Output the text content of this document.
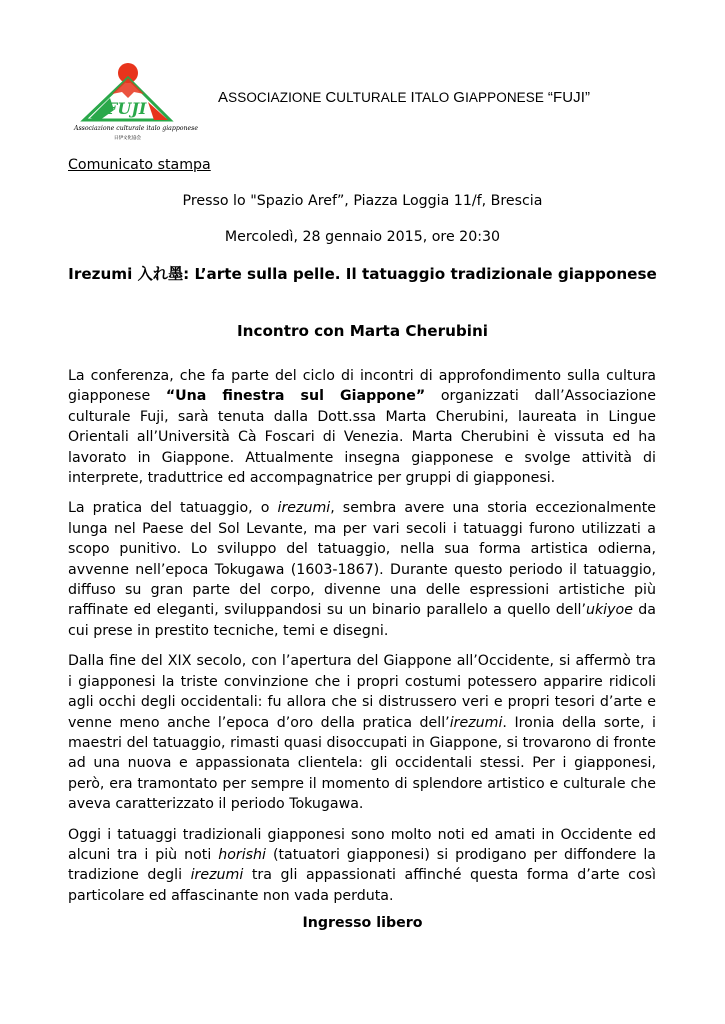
FUJI
Associazione culturale italo giapponese
日伊文化協会
ASSOCIAZIONE CULTURALE ITALO GIAPPONESE “FUJI”
Comunicato stampa
Presso lo "Spazio Aref”, Piazza Loggia 11/f, Brescia
Mercoledì, 28 gennaio 2015, ore 20:30
Irezumi 入れ墨: L’arte sulla pelle. Il tatuaggio tradizionale giapponese
Incontro con Marta Cherubini

La conferenza, che fa parte del ciclo di incontri di approfondimento sulla cultura giapponese “Una finestra sul Giappone” organizzati dall’Associazione culturale Fuji, sarà tenuta dalla Dott.ssa Marta Cherubini, laureata in Lingue Orientali all’Università Cà Foscari di Venezia. Marta Cherubini è vissuta ed ha lavorato in Giappone. Attualmente insegna giapponese e svolge attività di interprete, traduttrice ed accompagnatrice per gruppi di giapponesi.

La pratica del tatuaggio, o irezumi, sembra avere una storia eccezionalmente lunga nel Paese del Sol Levante, ma per vari secoli i tatuaggi furono utilizzati a scopo punitivo. Lo sviluppo del tatuaggio, nella sua forma artistica odierna, avvenne nell’epoca Tokugawa (1603-1867). Durante questo periodo il tatuaggio, diffuso su gran parte del corpo, divenne una delle espressioni artistiche più raffinate ed eleganti, sviluppandosi su un binario parallelo a quello dell’ukiyoe da cui prese in prestito tecniche, temi e disegni.

Dalla fine del XIX secolo, con l’apertura del Giappone all’Occidente, si affermò tra i giapponesi la triste convinzione che i propri costumi potessero apparire ridicoli agli occhi degli occidentali: fu allora che si distrussero veri e propri tesori d’arte e venne meno anche l’epoca d’oro della pratica dell’irezumi. Ironia della sorte, i maestri del tatuaggio, rimasti quasi disoccupati in Giappone, si trovarono di fronte ad una nuova e appassionata clientela: gli occidentali stessi. Per i giapponesi, però, era tramontato per sempre il momento di splendore artistico e culturale che aveva caratterizzato il periodo Tokugawa.

Oggi i tatuaggi tradizionali giapponesi sono molto noti ed amati in Occidente ed alcuni tra i più noti horishi (tatuatori giapponesi) si prodigano per diffondere la tradizione degli irezumi tra gli appassionati affinché questa forma d’arte così particolare ed affascinante non vada perduta.

Ingresso libero
